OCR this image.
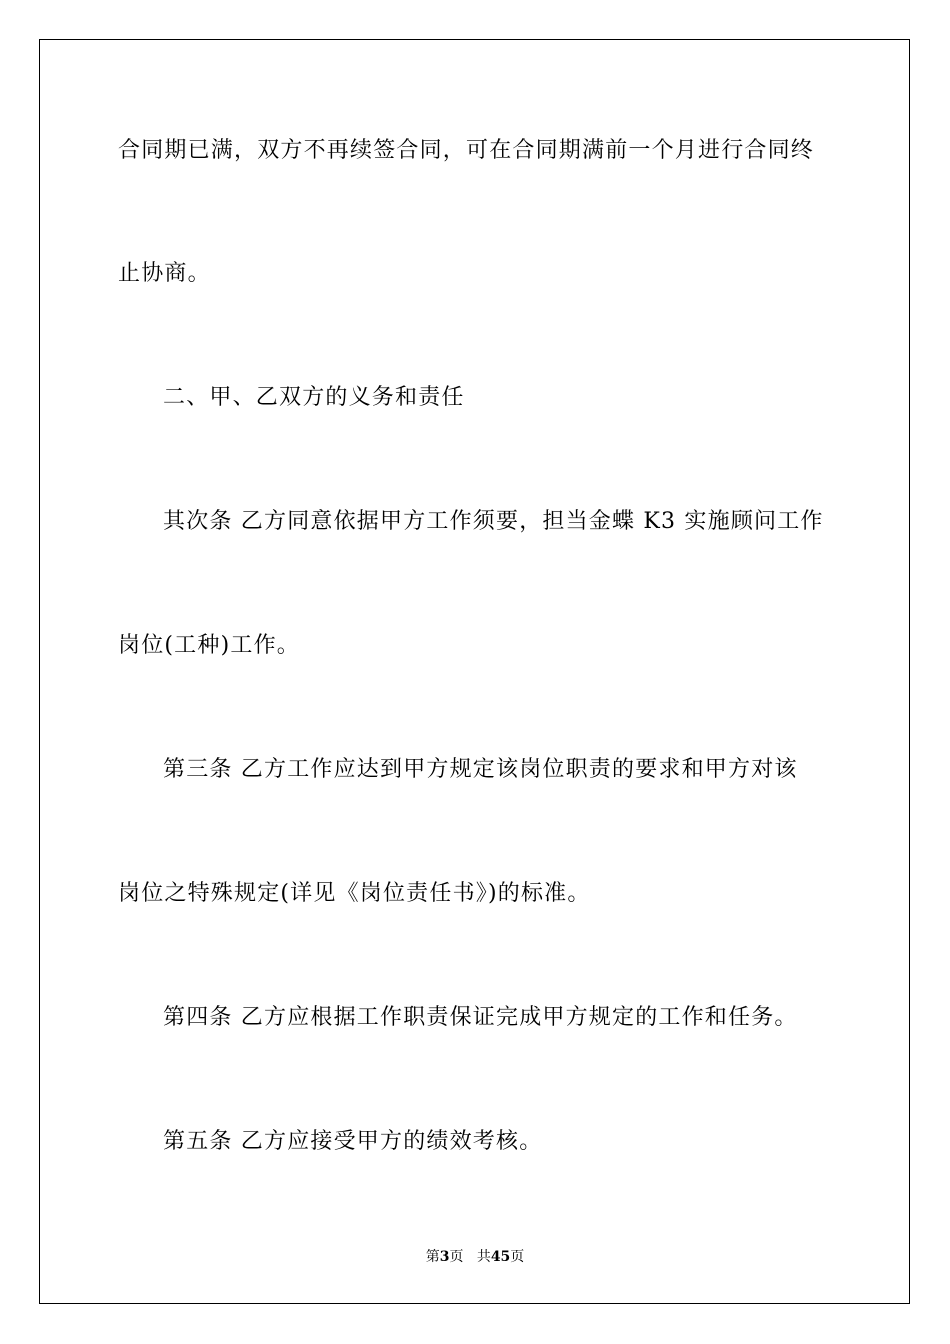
合同期已满，双方不再续签合同，可在合同期满前一个月进行合同终
止协商。
二、甲、乙双方的义务和责任
其次条 乙方同意依据甲方工作须要，担当金蝶 K3 实施顾问工作
岗位(工种)工作。
第三条 乙方工作应达到甲方规定该岗位职责的要求和甲方对该
岗位之特殊规定(详见《岗位责任书》)的标准。
第四条 乙方应根据工作职责保证完成甲方规定的工作和任务。
第五条 乙方应接受甲方的绩效考核。
第3页 共45页
